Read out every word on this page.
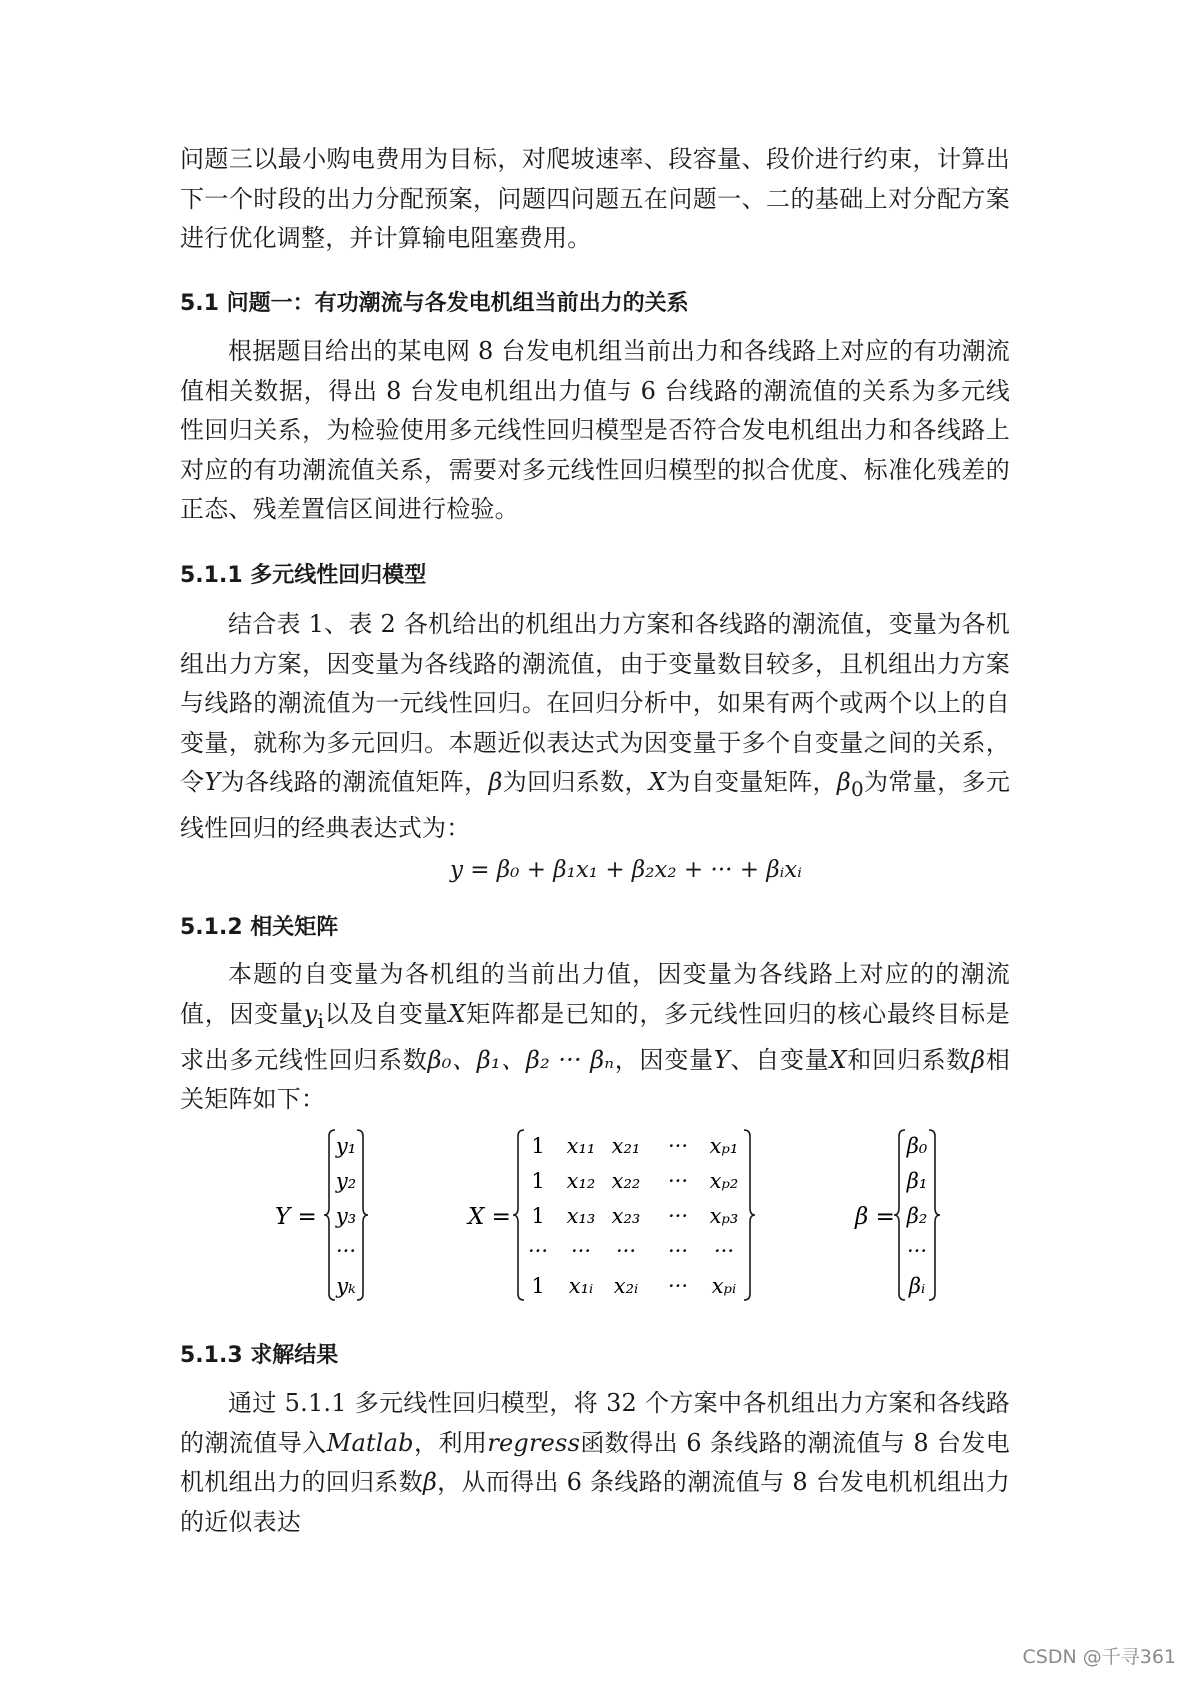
问题三以最小购电费用为目标，对爬坡速率、段容量、段价进行约束，计算出下一个时段的出力分配预案，问题四问题五在问题一、二的基础上对分配方案进行优化调整，并计算输电阻塞费用。

5.1 问题一：有功潮流与各发电机组当前出力的关系

根据题目给出的某电网 8 台发电机组当前出力和各线路上对应的有功潮流值相关数据，得出 8 台发电机组出力值与 6 台线路的潮流值的关系为多元线性回归关系，为检验使用多元线性回归模型是否符合发电机组出力和各线路上对应的有功潮流值关系，需要对多元线性回归模型的拟合优度、标准化残差的正态、残差置信区间进行检验。

5.1.1 多元线性回归模型

结合表 1、表 2 各机给出的机组出力方案和各线路的潮流值，变量为各机组出力方案，因变量为各线路的潮流值，由于变量数目较多，且机组出力方案与线路的潮流值为一元线性回归。在回归分析中，如果有两个或两个以上的自变量，就称为多元回归。本题近似表达式为因变量于多个自变量之间的关系，令Y为各线路的潮流值矩阵，β为回归系数，X为自变量矩阵，$\beta_0$为常量，多元线性回归的经典表达式为：

y = β₀ + β₁x₁ + β₂x₂ + ··· + βᵢxᵢ
5.1.2 相关矩阵

本题的自变量为各机组的当前出力值，因变量为各线路上对应的的潮流值，因变量$y_i$以及自变量X矩阵都是已知的，多元线性回归的核心最终目标是求出多元线性回归系数β₀、β₁、β₂ ··· βₙ，因变量Y、自变量X和回归系数β相关矩阵如下：

Y =
y₁
y₂
y₃
···
yₖ
X =
1 x₁₁ x₂₁ ··· xₚ₁
1 x₁₂ x₂₂ ··· xₚ₂
1 x₁₃ x₂₃ ··· xₚ₃
··· ··· ··· ··· ···
1 x₁ᵢ x₂ᵢ ··· xₚᵢ
β =
β₀
β₁
β₂
···
βᵢ
5.1.3 求解结果

通过 5.1.1 多元线性回归模型，将 32 个方案中各机组出力方案和各线路的潮流值导入Matlab，利用regress函数得出 6 条线路的潮流值与 8 台发电机机组出力的回归系数β，从而得出 6 条线路的潮流值与 8 台发电机机组出力的近似表达

CSDN @千寻361
